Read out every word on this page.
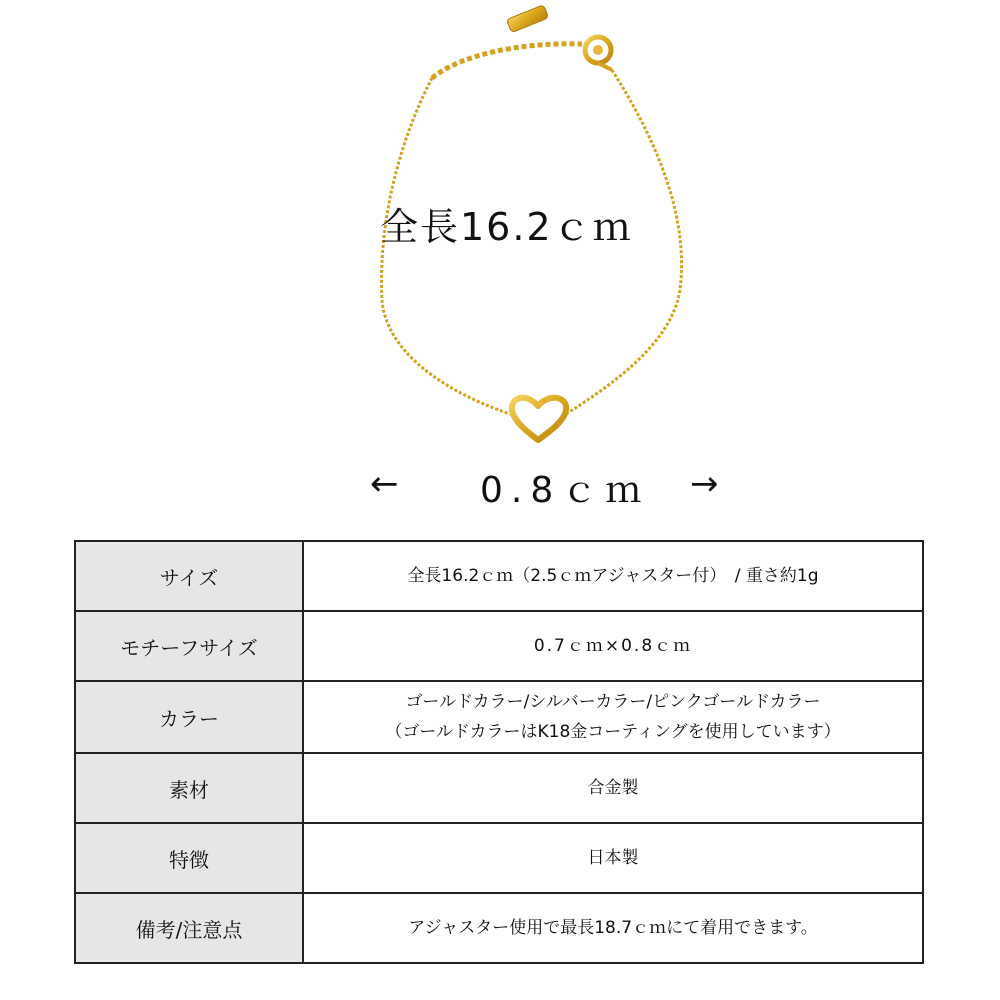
全長16.2ｃｍ
← 0.8ｃｍ →
サイズ	全長16.2ｃｍ（2.5ｃｍアジャスター付）　/ 重さ約1g
モチーフサイズ	0.7ｃｍ×0.8ｃｍ
カラー	ゴールドカラー/シルバーカラー/ピンクゴールドカラー
（ゴールドカラーはK18金コーティングを使用しています）

素材	合金製
特徴	日本製
備考/注意点	アジャスター使用で最長18.7ｃｍにて着用できます。
